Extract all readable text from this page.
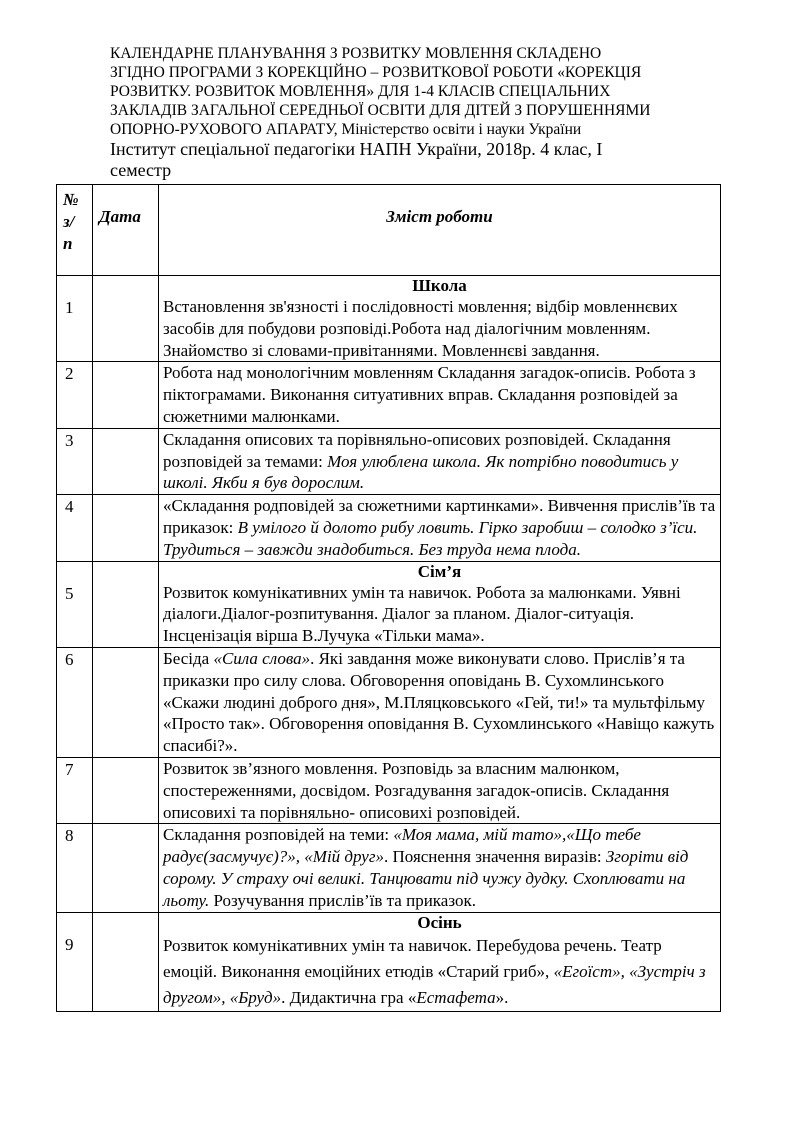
КАЛЕНДАРНЕ ПЛАНУВАННЯ З РОЗВИТКУ МОВЛЕННЯ СКЛАДЕНО
ЗГІДНО ПРОГРАМИ З КОРЕКЦІЙНО – РОЗВИТКОВОЇ РОБОТИ «КОРЕКЦІЯ
РОЗВИТКУ. РОЗВИТОК МОВЛЕННЯ» ДЛЯ 1-4 КЛАСІВ СПЕЦІАЛЬНИХ
ЗАКЛАДІВ ЗАГАЛЬНОЇ СЕРЕДНЬОЇ ОСВІТИ ДЛЯ ДІТЕЙ З ПОРУШЕННЯМИ
ОПОРНО-РУХОВОГО АПАРАТУ, Міністерство освіти і науки України
Інститут спеціальної педагогіки НАПН України, 2018р. 4 клас, І
семестр
№
з/
п	Дата	Зміст роботи
1		Школа
Встановлення зв'язності і послідовності мовлення; відбір мовленнєвих засобів для побудови розповіді.Робота над діалогічним мовленням. Знайомство зі словами-привітаннями. Мовленнєві завдання.
2		Робота над монологічним мовленням Складання загадок-описів. Робота з піктограмами. Виконання ситуативних вправ. Складання розповідей за сюжетними малюнками.
3		Складання описових та порівняльно-описових розповідей. Складання розповідей за темами: Моя улюблена школа. Як потрібно поводитись у школі. Якби я був дорослим.
4		«Складання родповідей за сюжетними картинками». Вивчення прислів’їв та приказок: В умілого й долото рибу ловить. Гірко заробиш – солодко з’їси. Трудиться – завжди знадобиться. Без труда нема плода.
5		Сім’я
Розвиток комунікативних умін та навичок. Робота за малюнками. Уявні діалоги.Діалог-розпитування. Діалог за планом. Діалог-ситуація. Інсценізація вірша В.Лучука «Тільки мама».
6		Бесіда «Сила слова». Які завдання може виконувати слово. Прислів’я та приказки про силу слова. Обговорення оповідань В. Сухомлинського «Скажи людині доброго дня», М.Пляцковського «Гей, ти!» та мультфільму «Просто так». Обговорення оповідання В. Сухомлинського «Навіщо кажуть спасибі?».
7		Розвиток зв’язного мовлення. Розповідь за власним малюнком, спостереженнями, досвідом. Розгадування загадок-описів. Складання описовихі та порівняльно- описовихі розповідей.
8		Складання розповідей на теми: «Моя мама, мій тато»,«Що тебе радує(засмучує)?», «Мій друг». Пояснення значення виразів: Згоріти від сорому. У страху очі великі. Танцювати під чужу дудку. Схоплювати на льоту. Розучування прислів’їв та приказок.
9		Осінь
Розвиток комунікативних умін та навичок. Перебудова речень. Театр емоцій. Виконання емоційних етюдів «Старий гриб», «Егоїст», «Зустріч з другом», «Бруд». Дидактична гра «Естафета».
